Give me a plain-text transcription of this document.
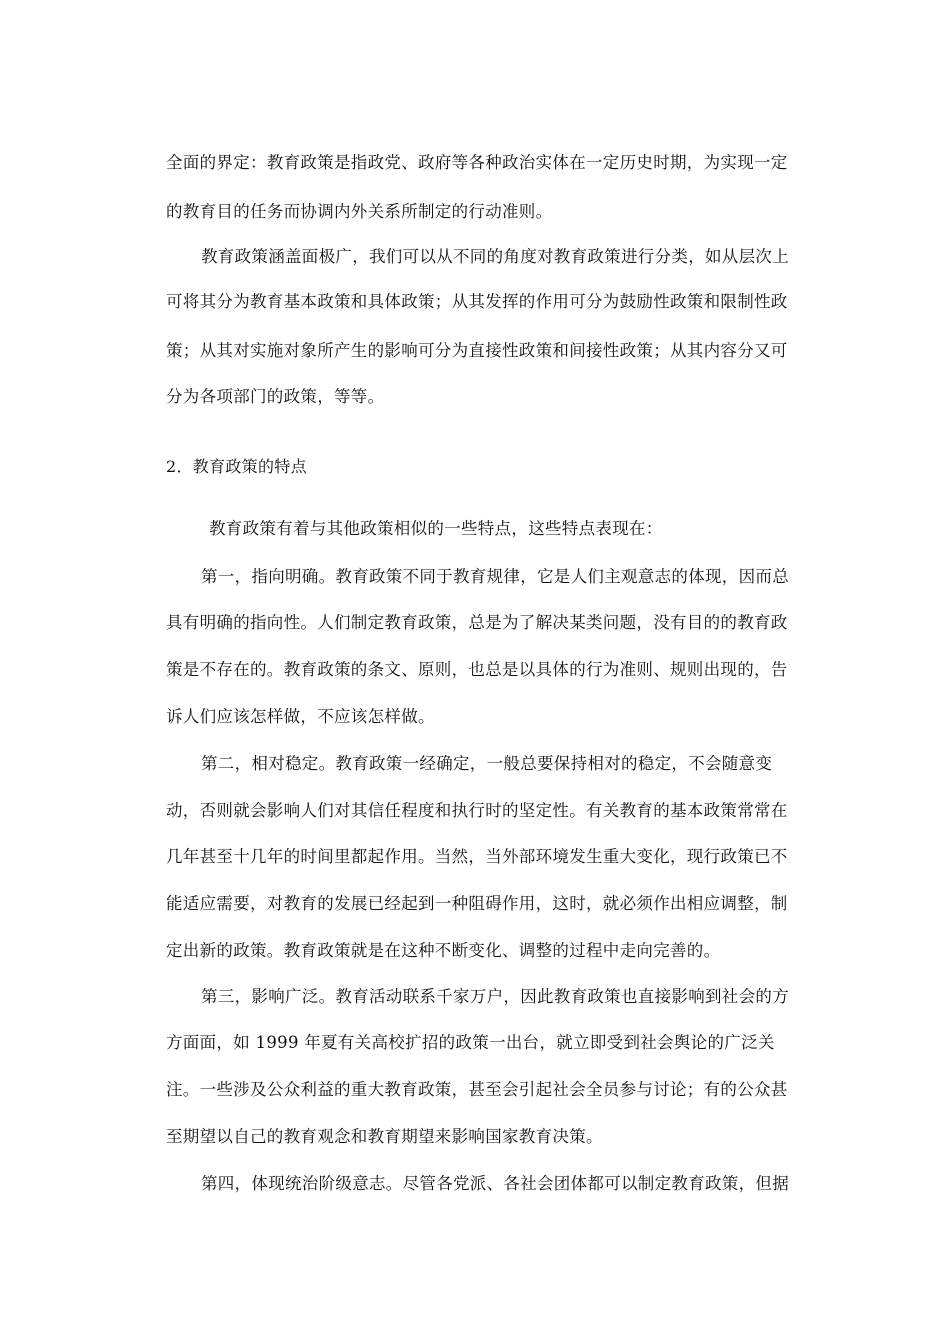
全面的界定：教育政策是指政党、政府等各种政治实体在一定历史时期，为实现一定
的教育目的任务而协调内外关系所制定的行动准则。
教育政策涵盖面极广，我们可以从不同的角度对教育政策进行分类，如从层次上
可将其分为教育基本政策和具体政策；从其发挥的作用可分为鼓励性政策和限制性政
策；从其对实施对象所产生的影响可分为直接性政策和间接性政策；从其内容分又可
分为各项部门的政策，等等。
2．教育政策的特点
教育政策有着与其他政策相似的一些特点，这些特点表现在：
第一，指向明确。教育政策不同于教育规律，它是人们主观意志的体现，因而总
具有明确的指向性。人们制定教育政策，总是为了解决某类问题，没有目的的教育政
策是不存在的。教育政策的条文、原则，也总是以具体的行为准则、规则出现的，告
诉人们应该怎样做，不应该怎样做。
第二，相对稳定。教育政策一经确定，一般总要保持相对的稳定，不会随意变
动，否则就会影响人们对其信任程度和执行时的坚定性。有关教育的基本政策常常在
几年甚至十几年的时间里都起作用。当然，当外部环境发生重大变化，现行政策已不
能适应需要，对教育的发展已经起到一种阻碍作用，这时，就必须作出相应调整，制
定出新的政策。教育政策就是在这种不断变化、调整的过程中走向完善的。
第三，影响广泛。教育活动联系千家万户，因此教育政策也直接影响到社会的方
方面面，如 1999 年夏有关高校扩招的政策一出台，就立即受到社会舆论的广泛关
注。一些涉及公众利益的重大教育政策，甚至会引起社会全员参与讨论；有的公众甚
至期望以自己的教育观念和教育期望来影响国家教育决策。
第四，体现统治阶级意志。尽管各党派、各社会团体都可以制定教育政策，但据
